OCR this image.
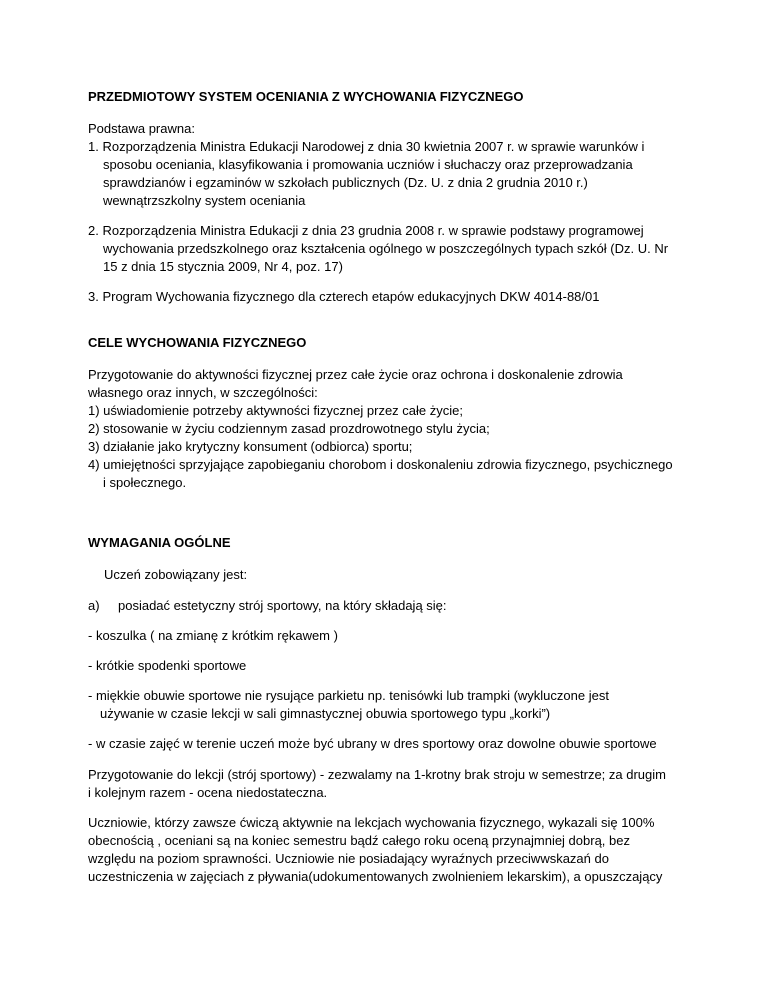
PRZEDMIOTOWY SYSTEM OCENIANIA Z WYCHOWANIA FIZYCZNEGO
Podstawa prawna:
1. Rozporządzenia Ministra Edukacji Narodowej z dnia 30 kwietnia 2007 r. w sprawie warunków i
sposobu oceniania, klasyfikowania i promowania uczniów i słuchaczy oraz przeprowadzania
sprawdzianów i egzaminów w szkołach publicznych (Dz. U. z dnia 2 grudnia 2010 r.)
wewnątrzszkolny system oceniania
2. Rozporządzenia Ministra Edukacji z dnia 23 grudnia 2008 r. w sprawie podstawy programowej
wychowania przedszkolnego oraz kształcenia ogólnego w poszczególnych typach szkół (Dz. U. Nr
15 z dnia 15 stycznia 2009, Nr 4, poz. 17)
3. Program Wychowania fizycznego dla czterech etapów edukacyjnych DKW 4014-88/01
CELE WYCHOWANIA FIZYCZNEGO
Przygotowanie do aktywności fizycznej przez całe życie oraz ochrona i doskonalenie zdrowia
własnego oraz innych, w szczególności:
1) uświadomienie potrzeby aktywności fizycznej przez całe życie;
2) stosowanie w życiu codziennym zasad prozdrowotnego stylu życia;
3) działanie jako krytyczny konsument (odbiorca) sportu;
4) umiejętności sprzyjające zapobieganiu chorobom i doskonaleniu zdrowia fizycznego, psychicznego
i społecznego.
WYMAGANIA OGÓLNE
Uczeń zobowiązany jest:
a) posiadać estetyczny strój sportowy, na który składają się:
- koszulka ( na zmianę z krótkim rękawem )
- krótkie spodenki sportowe
- miękkie obuwie sportowe nie rysujące parkietu np. tenisówki lub trampki (wykluczone jest
używanie w czasie lekcji w sali gimnastycznej obuwia sportowego typu „korki”)
- w czasie zajęć w terenie uczeń może być ubrany w dres sportowy oraz dowolne obuwie sportowe
Przygotowanie do lekcji (strój sportowy) - zezwalamy na 1-krotny brak stroju w semestrze; za drugim
i kolejnym razem - ocena niedostateczna.
Uczniowie, którzy zawsze ćwiczą aktywnie na lekcjach wychowania fizycznego, wykazali się 100%
obecnością , oceniani są na koniec semestru bądź całego roku oceną przynajmniej dobrą, bez
względu na poziom sprawności. Uczniowie nie posiadający wyraźnych przeciwwskazań do
uczestniczenia w zajęciach z pływania(udokumentowanych zwolnieniem lekarskim), a opuszczający
